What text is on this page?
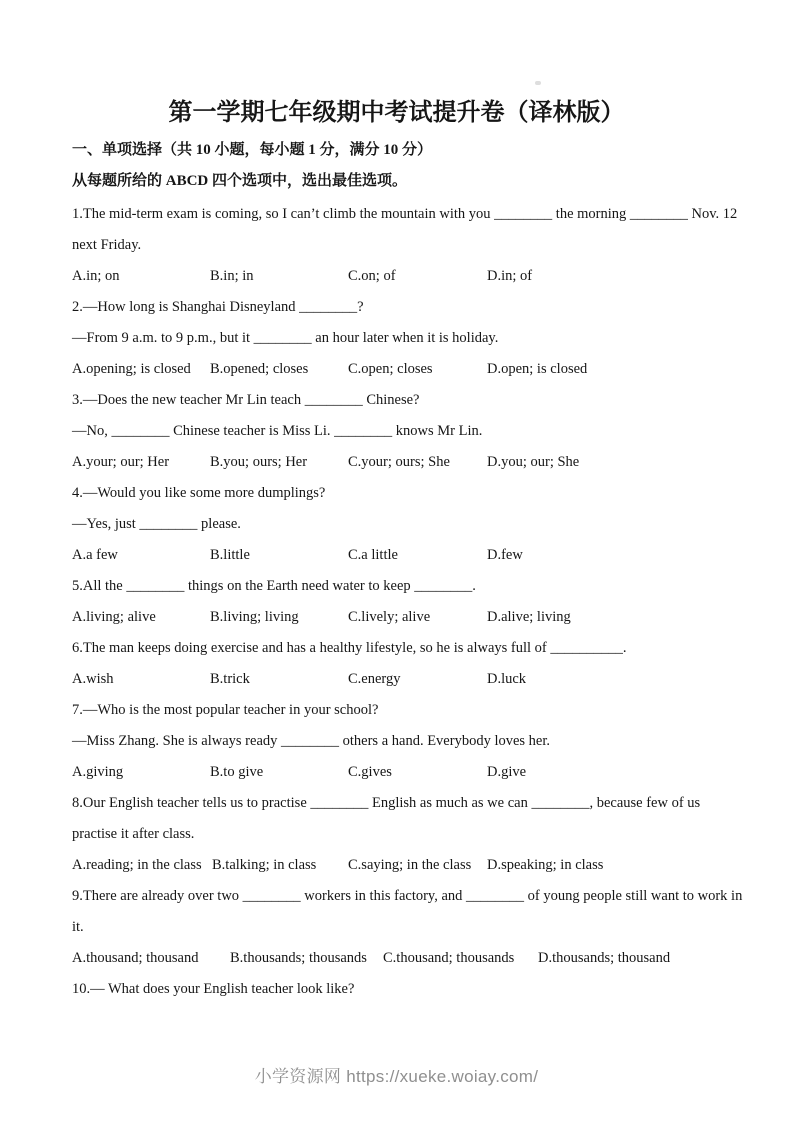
第一学期七年级期中考试提升卷（译林版）
一、单项选择（共 10 小题，每小题 1 分，满分 10 分）
从每题所给的 ABCD 四个选项中，选出最佳选项。
1.The mid-term exam is coming, so I can’t climb the mountain with you ________ the morning ________ Nov. 12
next Friday.
A.in; on	B.in; in	C.on; of	D.in; of
2.—How long is Shanghai Disneyland ________?
—From 9 a.m. to 9 p.m., but it ________ an hour later when it is holiday.
A.opening; is closed B.opened; closes	C.open; closes	D.open; is closed
3.—Does the new teacher Mr Lin teach ________ Chinese?
—No, ________ Chinese teacher is Miss Li. ________ knows Mr Lin.
A.your; our; Her	B.you; ours; Her	C.your; ours; She	D.you; our; She
4.—Would you like some more dumplings?
—Yes, just ________ please.
A.a few	B.little	C.a little	D.few
5.All the ________ things on the Earth need water to keep ________.
A.living; alive	B.living; living	C.lively; alive	D.alive; living
6.The man keeps doing exercise and has a healthy lifestyle, so he is always full of __________.
A.wish	B.trick	C.energy	D.luck
7.—Who is the most popular teacher in your school?
—Miss Zhang. She is always ready ________ others a hand. Everybody loves her.
A.giving	B.to give	C.gives	D.give
8.Our English teacher tells us to practise ________ English as much as we can ________, because few of us
practise it after class.
A.reading; in the class B.talking; in class C.saying; in the class D.speaking; in class
9.There are already over two ________ workers in this factory, and ________ of young people still want to work in
it.
A.thousand; thousand B.thousands; thousands C.thousand; thousands D.thousands; thousand
10.— What does your English teacher look like?
小学资源网 https://xueke.woiay.com/
